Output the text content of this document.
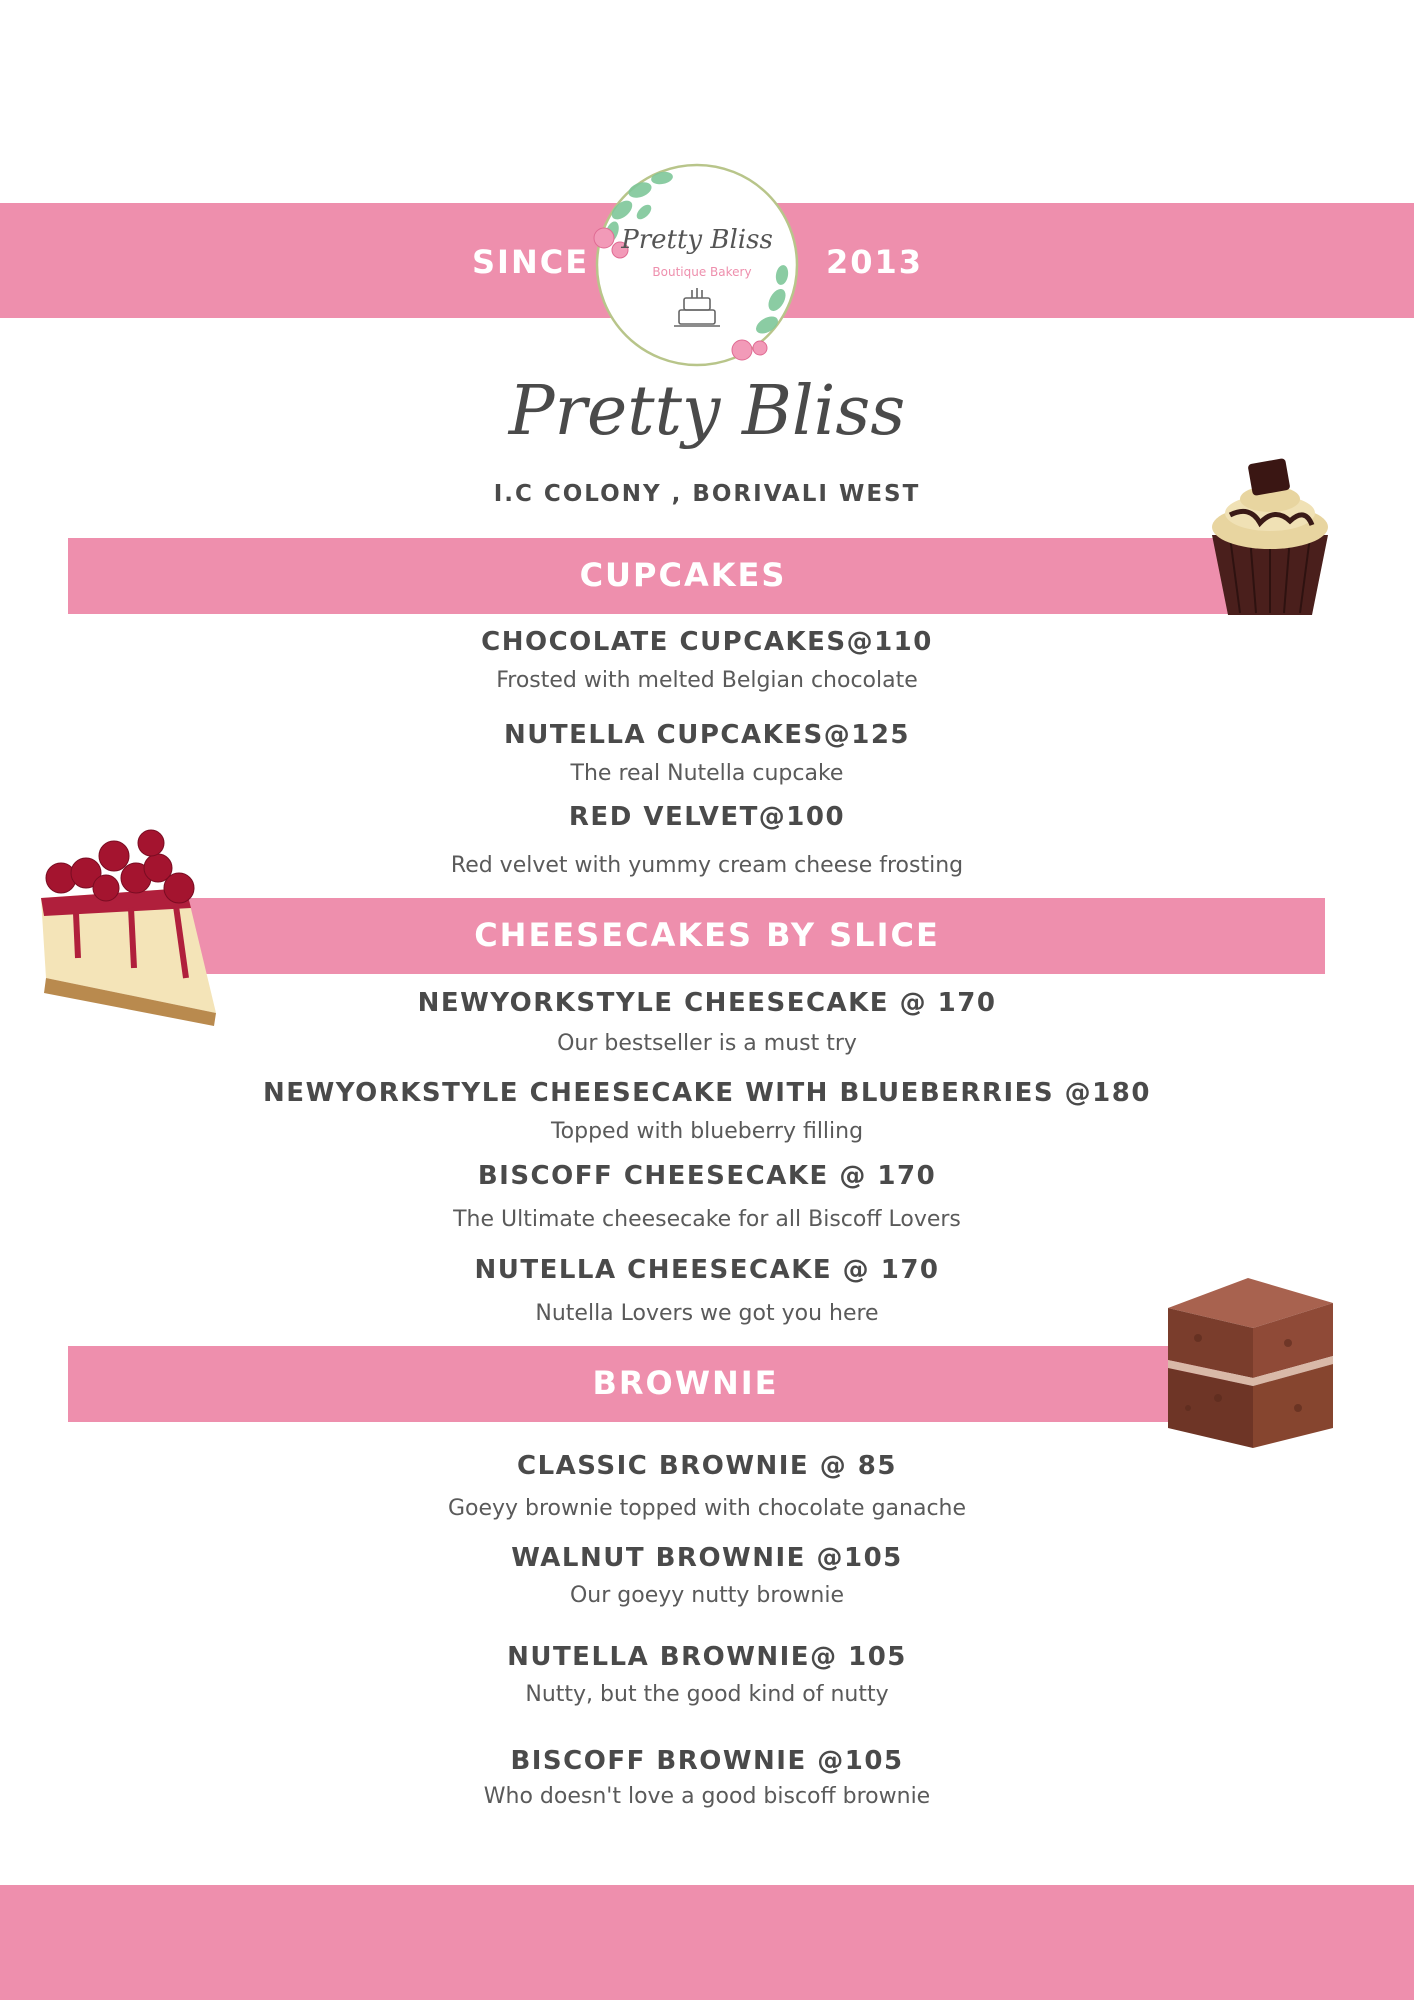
SINCE	2013
Pretty Bliss
Boutique Bakery
Pretty Bliss
I.C COLONY , BORIVALI WEST
CUPCAKES
CHOCOLATE CUPCAKES@110
Frosted with melted Belgian chocolate
NUTELLA CUPCAKES@125
The real Nutella cupcake
RED VELVET@100
Red velvet with yummy cream cheese frosting
CHEESECAKES BY SLICE
NEWYORKSTYLE CHEESECAKE @ 170
Our bestseller is a must try
NEWYORKSTYLE CHEESECAKE WITH BLUEBERRIES @180
Topped with blueberry filling
BISCOFF CHEESECAKE @ 170
The Ultimate cheesecake for all Biscoff Lovers
NUTELLA CHEESECAKE @ 170
Nutella Lovers we got you here
BROWNIE
CLASSIC BROWNIE @ 85
Goeyy brownie topped with chocolate ganache
WALNUT BROWNIE @105
Our goeyy nutty brownie
NUTELLA BROWNIE@ 105
Nutty, but the good kind of nutty
BISCOFF BROWNIE @105
Who doesn't love a good biscoff brownie
